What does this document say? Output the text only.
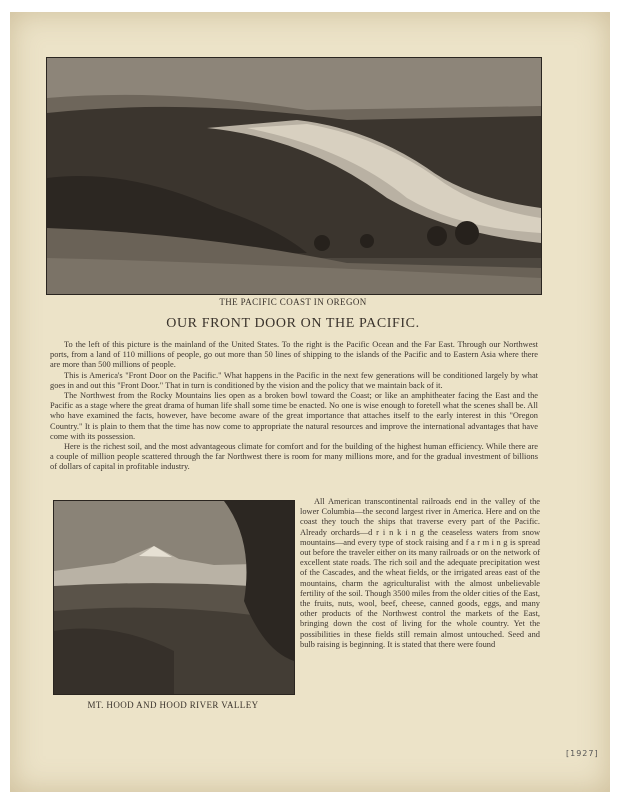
THE PACIFIC COAST IN OREGON
OUR FRONT DOOR ON THE PACIFIC.

To the left of this picture is the mainland of the United States. To the right is the Pacific Ocean and the Far East. Through our Northwest ports, from a land of 110 millions of people, go out more than 50 lines of shipping to the islands of the Pacific and to Eastern Asia where there are more than 500 millions of people.

This is America's "Front Door on the Pacific." What happens in the Pacific in the next few generations will be conditioned largely by what goes in and out this "Front Door." That in turn is conditioned by the vision and the policy that we maintain back of it.

The Northwest from the Rocky Mountains lies open as a broken bowl toward the Coast; or like an amphitheater facing the East and the Pacific as a stage where the great drama of human life shall some time be enacted. No one is wise enough to foretell what the scenes shall be. All who have examined the facts, however, have become aware of the great importance that attaches itself to the early interest in this "Oregon Country." It is plain to them that the time has now come to appropriate the natural resources and improve the international advantages that have come with its possession.

Here is the richest soil, and the most advantageous climate for comfort and for the building of the highest human efficiency. While there are a couple of million people scattered through the far Northwest there is room for many millions more, and for the gradual investment of billions of dollars of capital in profitable industry.

MT. HOOD AND HOOD RIVER VALLEY

All American transcontinental railroads end in the valley of the lower Columbia—the second largest river in America. Here and on the coast they touch the ships that traverse every part of the Pacific. Already orchards—d r i n k i n g the ceaseless waters from snow mountains—and every type of stock raising and f a r m i n g is spread out before the traveler either on its many railroads or on the network of excellent state roads. The rich soil and the adequate precipitation west of the Cascades, and the wheat fields, or the irrigated areas east of the mountains, charm the agriculturalist with the almost unbelievable fertility of the soil. Though 3500 miles from the older cities of the East, the fruits, nuts, wool, beef, cheese, canned goods, eggs, and many other products of the Northwest control the markets of the East, bringing down the cost of living for the whole country. Yet the possibilities in these fields still remain almost untouched. Seed and bulb raising is beginning. It is stated that there were found

[1927]
